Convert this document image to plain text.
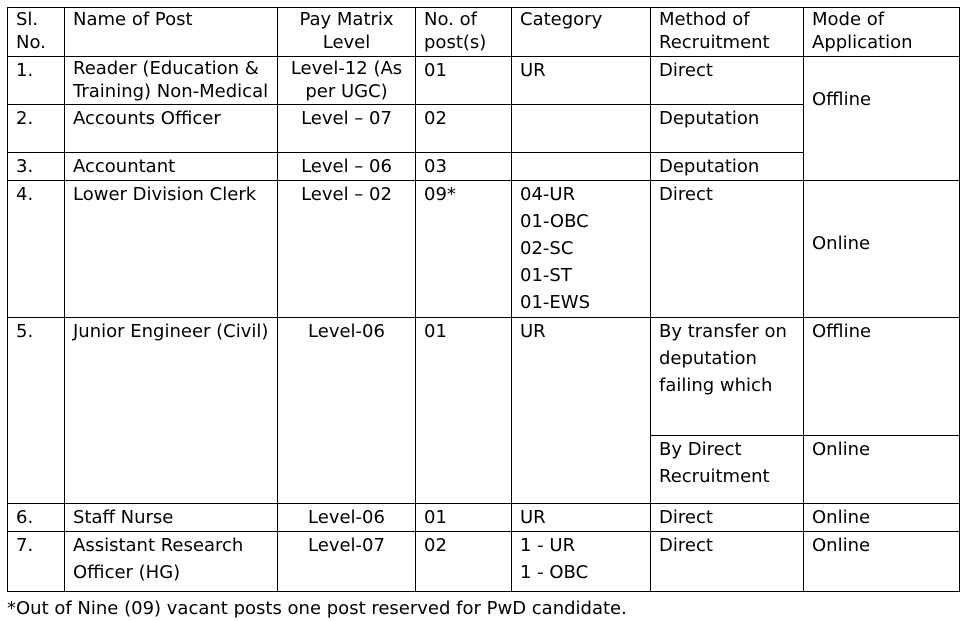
Sl. No.	Name of Post	Pay Matrix Level	No. of post(s)	Category	Method of Recruitment	Mode of Application
1.	Reader (Education & Training) Non-Medical	Level-12 (As per UGC)	01	UR	Direct	Offline
2.	Accounts Officer	Level – 07	02		Deputation	
3.	Accountant	Level – 06	03		Deputation	
4.	Lower Division Clerk	Level – 02	09*	04-UR
01-OBC
02-SC
01-ST
01-EWS	Direct	Online
5.	Junior Engineer (Civil)	Level-06	01	UR	By transfer on
deputation
failing which	Offline

					By Direct
Recruitment	Online
6.	Staff Nurse	Level-06	01	UR	Direct	Online
7.	Assistant Research Officer (HG)	Level-07	02	1 - UR
1 - OBC	Direct	Online
*Out of Nine (09) vacant posts one post reserved for PwD candidate.
